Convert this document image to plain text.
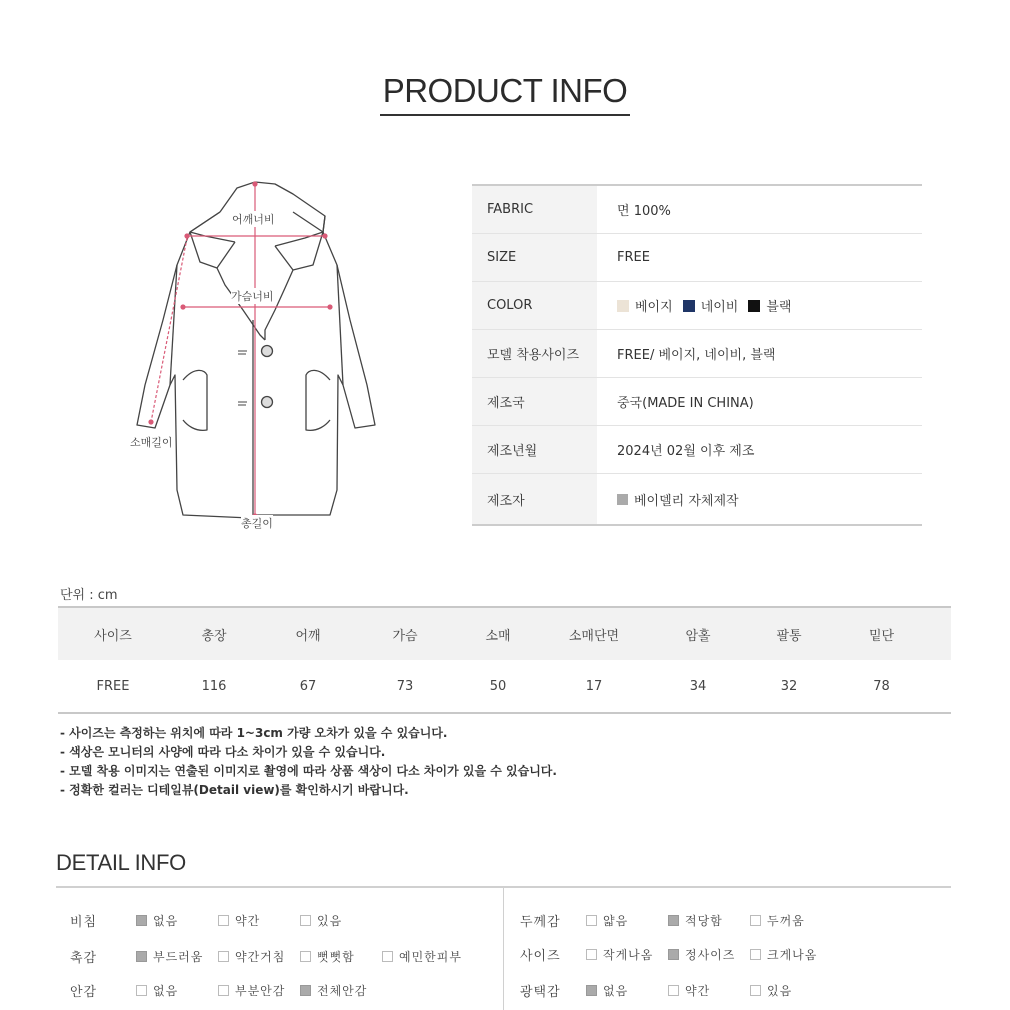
PRODUCT INFO
어깨너비
가슴너비
소매길이
총길이
FABRIC	면 100%
SIZE	FREE
COLOR	베이지 네이비 블랙
모델 착용사이즈	FREE/ 베이지, 네이비, 블랙
제조국	중국(MADE IN CHINA)
제조년월	2024년 02월 이후 제조
제조자	베이델리 자체제작
단위 : cm
사이즈	총장	어깨	가슴	소매	소매단면	암홀	팔통	밑단
FREE	116	67	73	50	17	34	32	78
- 사이즈는 측정하는 위치에 따라 1~3cm 가량 오차가 있을 수 있습니다.
- 색상은 모니터의 사양에 따라 다소 차이가 있을 수 있습니다.
- 모델 착용 이미지는 연출된 이미지로 촬영에 따라 상품 색상이 다소 차이가 있을 수 있습니다.
- 정확한 컬러는 디테일뷰(Detail view)를 확인하시기 바랍니다.
DETAIL INFO
비침	없음	약간	있음
촉감	부드러움	약간거침	뻣뻣함	예민한피부
안감	없음	부분안감	전체안감
두께감	얇음	적당함	두꺼움
사이즈	작게나옴	정사이즈	크게나옴
광택감	없음	약간	있음
